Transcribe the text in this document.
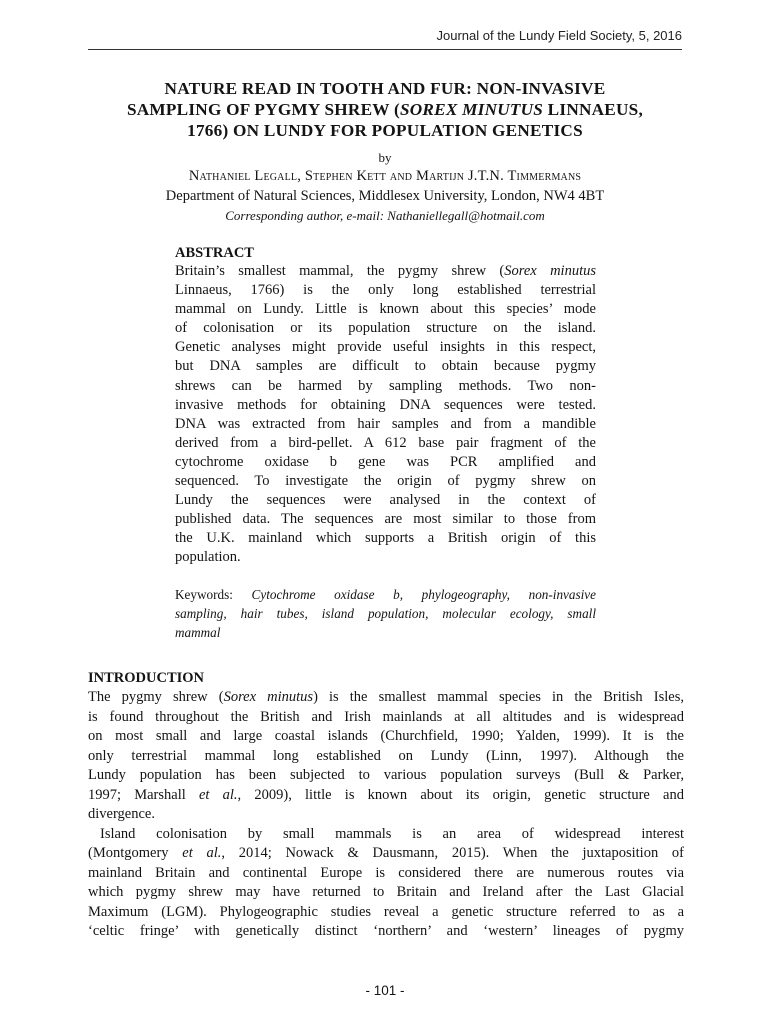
Journal of the Lundy Field Society, 5, 2016
NATURE READ IN TOOTH AND FUR: NON-INVASIVE
SAMPLING OF PYGMY SHREW (SOREX MINUTUS LINNAEUS,
1766) ON LUNDY FOR POPULATION GENETICS
by
Nathaniel Legall, Stephen Kett and Martijn J.T.N. Timmermans
Department of Natural Sciences, Middlesex University, London, NW4 4BT
Corresponding author, e-mail: Nathaniellegall@hotmail.com
ABSTRACT
Britain’s smallest mammal, the pygmy shrew (Sorex minutus
Linnaeus, 1766) is the only long established terrestrial
mammal on Lundy. Little is known about this species’ mode
of colonisation or its population structure on the island.
Genetic analyses might provide useful insights in this respect,
but DNA samples are difficult to obtain because pygmy
shrews can be harmed by sampling methods. Two non-
invasive methods for obtaining DNA sequences were tested.
DNA was extracted from hair samples and from a mandible
derived from a bird-pellet. A 612 base pair fragment of the
cytochrome oxidase b gene was PCR amplified and
sequenced. To investigate the origin of pygmy shrew on
Lundy the sequences were analysed in the context of
published data. The sequences are most similar to those from
the U.K. mainland which supports a British origin of this
population.
Keywords: Cytochrome oxidase b, phylogeography, non-invasive
sampling, hair tubes, island population, molecular ecology, small
mammal
INTRODUCTION
The pygmy shrew (Sorex minutus) is the smallest mammal species in the British Isles,
is found throughout the British and Irish mainlands at all altitudes and is widespread
on most small and large coastal islands (Churchfield, 1990; Yalden, 1999). It is the
only terrestrial mammal long established on Lundy (Linn, 1997). Although the
Lundy population has been subjected to various population surveys (Bull & Parker,
1997; Marshall et al., 2009), little is known about its origin, genetic structure and
divergence.
Island colonisation by small mammals is an area of widespread interest
(Montgomery et al., 2014; Nowack & Dausmann, 2015). When the juxtaposition of
mainland Britain and continental Europe is considered there are numerous routes via
which pygmy shrew may have returned to Britain and Ireland after the Last Glacial
Maximum (LGM). Phylogeographic studies reveal a genetic structure referred to as a
‘celtic fringe’ with genetically distinct ‘northern’ and ‘western’ lineages of pygmy
- 101 -
